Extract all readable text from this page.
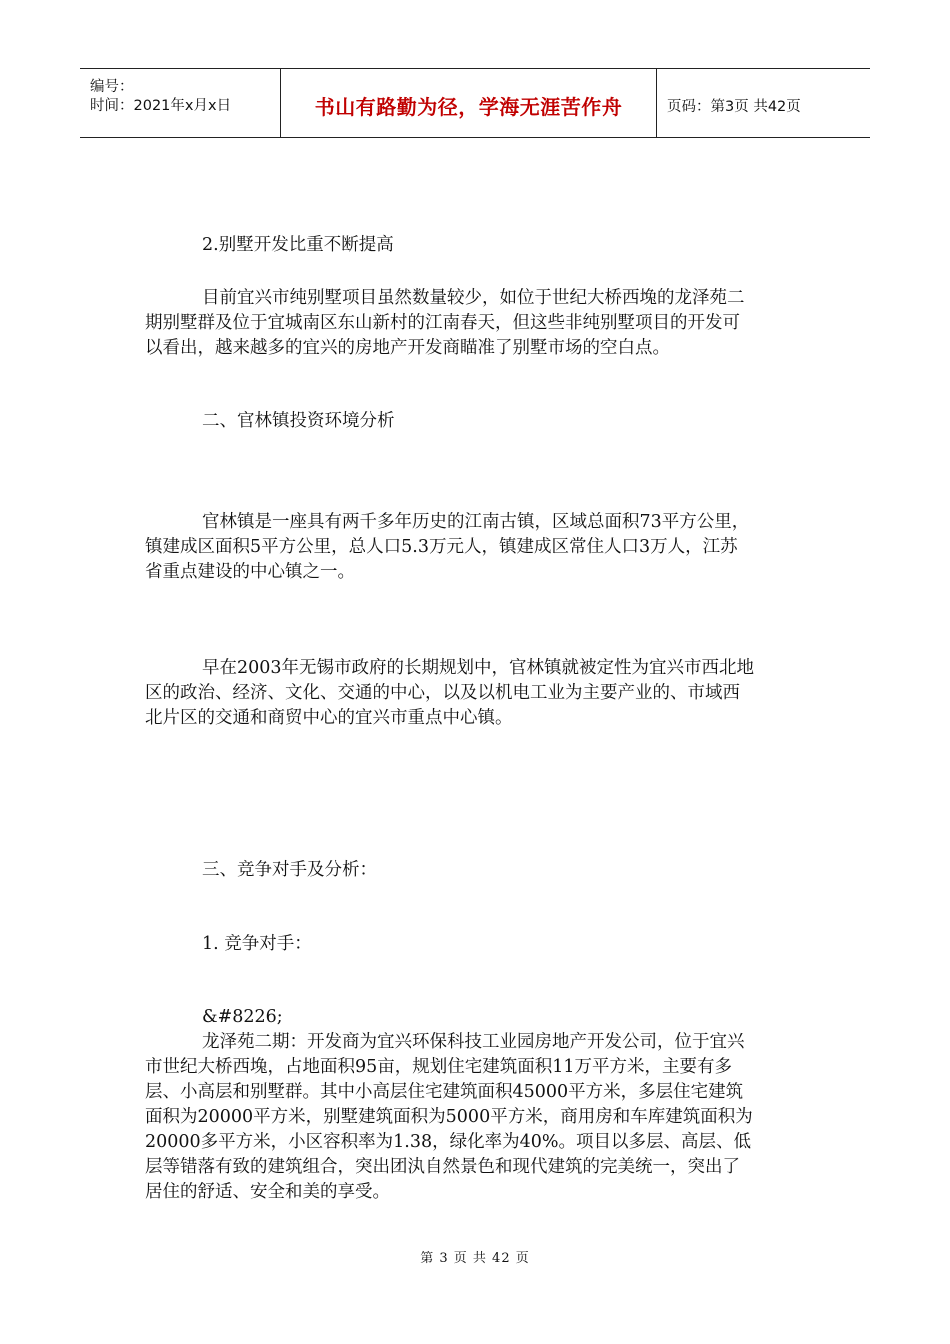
编号：
时间：2021年x月x日	书山有路勤为径，学海无涯苦作舟	页码：第3页 共42页
2.别墅开发比重不断提高
目前宜兴市纯别墅项目虽然数量较少，如位于世纪大桥西堍的龙泽苑二
期别墅群及位于宜城南区东山新村的江南春天，但这些非纯别墅项目的开发可
以看出，越来越多的宜兴的房地产开发商瞄准了别墅市场的空白点。
二、官林镇投资环境分析
官林镇是一座具有两千多年历史的江南古镇，区域总面积73平方公里，
镇建成区面积5平方公里，总人口5.3万元人，镇建成区常住人口3万人，江苏
省重点建设的中心镇之一。
早在2003年无锡市政府的长期规划中，官林镇就被定性为宜兴市西北地
区的政治、经济、文化、交通的中心，以及以机电工业为主要产业的、市域西
北片区的交通和商贸中心的宜兴市重点中心镇。
三、竞争对手及分析：
1. 竞争对手：
&#8226;
龙泽苑二期：开发商为宜兴环保科技工业园房地产开发公司，位于宜兴
市世纪大桥西堍，占地面积95亩，规划住宅建筑面积11万平方米，主要有多
层、小高层和别墅群。其中小高层住宅建筑面积45000平方米，多层住宅建筑
面积为20000平方米，别墅建筑面积为5000平方米，商用房和车库建筑面积为
20000多平方米，小区容积率为1.38，绿化率为40%。项目以多层、高层、低
层等错落有致的建筑组合，突出团汍自然景色和现代建筑的完美统一，突出了
居住的舒适、安全和美的享受。
第 3 页 共 42 页
